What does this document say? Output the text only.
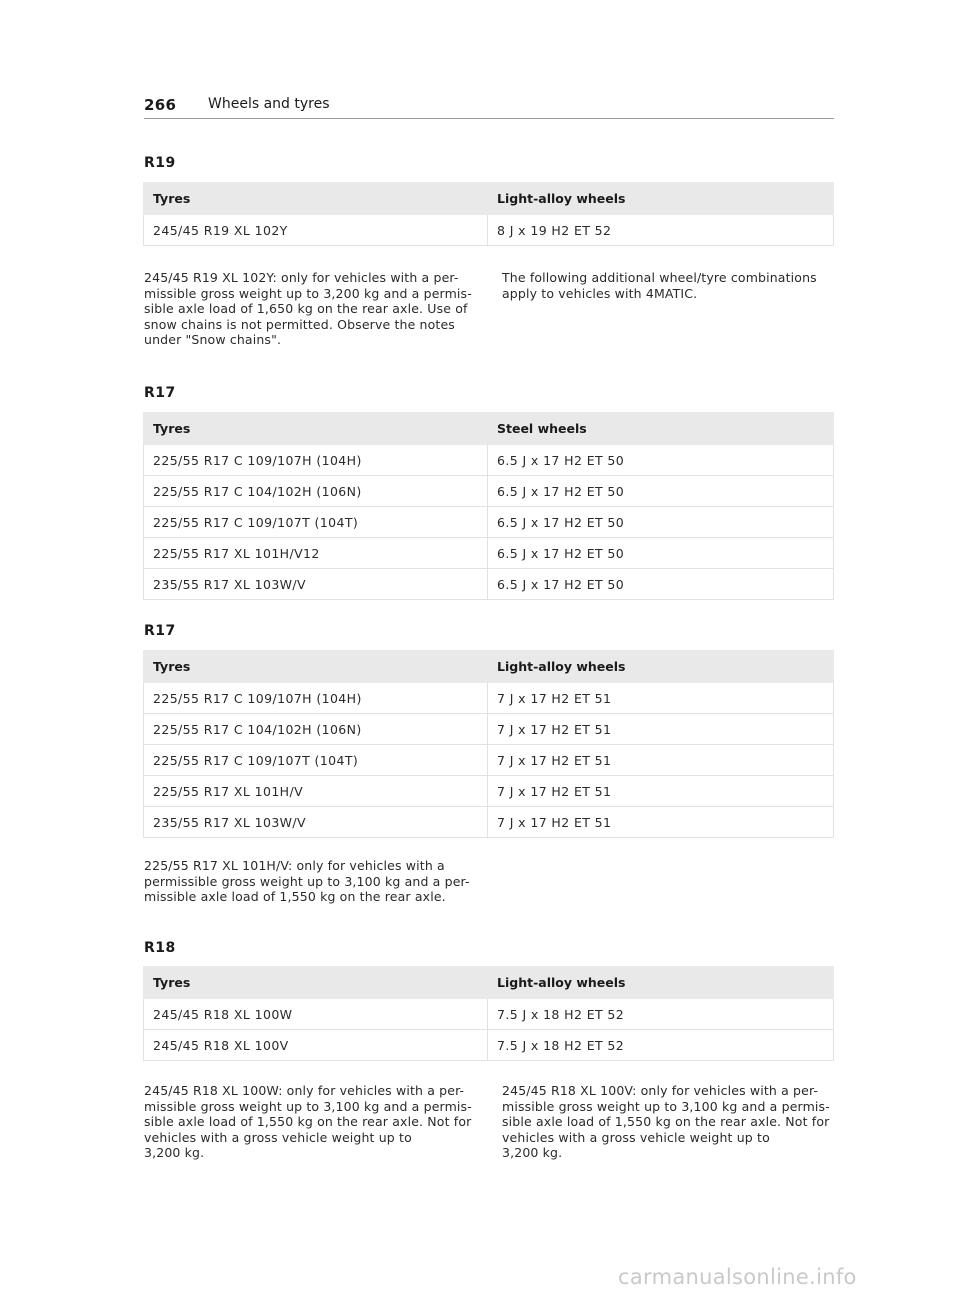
266 Wheels and tyres
R19
Tyres	Light-alloy wheels
245/45 R19 XL 102Y	8 J x 19 H2 ET 52
245/45 R19 XL 102Y: only for vehicles with a per-
missible gross weight up to 3,200 kg and a permis-
sible axle load of 1,650 kg on the rear axle. Use of
snow chains is not permitted. Observe the notes
under "Snow chains".
The following additional wheel/tyre combinations
apply to vehicles with 4MATIC.
R17
Tyres	Steel wheels
225/55 R17 C 109/107H (104H)	6.5 J x 17 H2 ET 50
225/55 R17 C 104/102H (106N)	6.5 J x 17 H2 ET 50
225/55 R17 C 109/107T (104T)	6.5 J x 17 H2 ET 50
225/55 R17 XL 101H/V12	6.5 J x 17 H2 ET 50
235/55 R17 XL 103W/V	6.5 J x 17 H2 ET 50
R17
Tyres	Light-alloy wheels
225/55 R17 C 109/107H (104H)	7 J x 17 H2 ET 51
225/55 R17 C 104/102H (106N)	7 J x 17 H2 ET 51
225/55 R17 C 109/107T (104T)	7 J x 17 H2 ET 51
225/55 R17 XL 101H/V	7 J x 17 H2 ET 51
235/55 R17 XL 103W/V	7 J x 17 H2 ET 51
225/55 R17 XL 101H/V: only for vehicles with a
permissible gross weight up to 3,100 kg and a per-
missible axle load of 1,550 kg on the rear axle.
R18
Tyres	Light-alloy wheels
245/45 R18 XL 100W	7.5 J x 18 H2 ET 52
245/45 R18 XL 100V	7.5 J x 18 H2 ET 52
245/45 R18 XL 100W: only for vehicles with a per-
missible gross weight up to 3,100 kg and a permis-
sible axle load of 1,550 kg on the rear axle. Not for
vehicles with a gross vehicle weight up to
3,200 kg.
245/45 R18 XL 100V: only for vehicles with a per-
missible gross weight up to 3,100 kg and a permis-
sible axle load of 1,550 kg on the rear axle. Not for
vehicles with a gross vehicle weight up to
3,200 kg.
carmanualsonline.info
